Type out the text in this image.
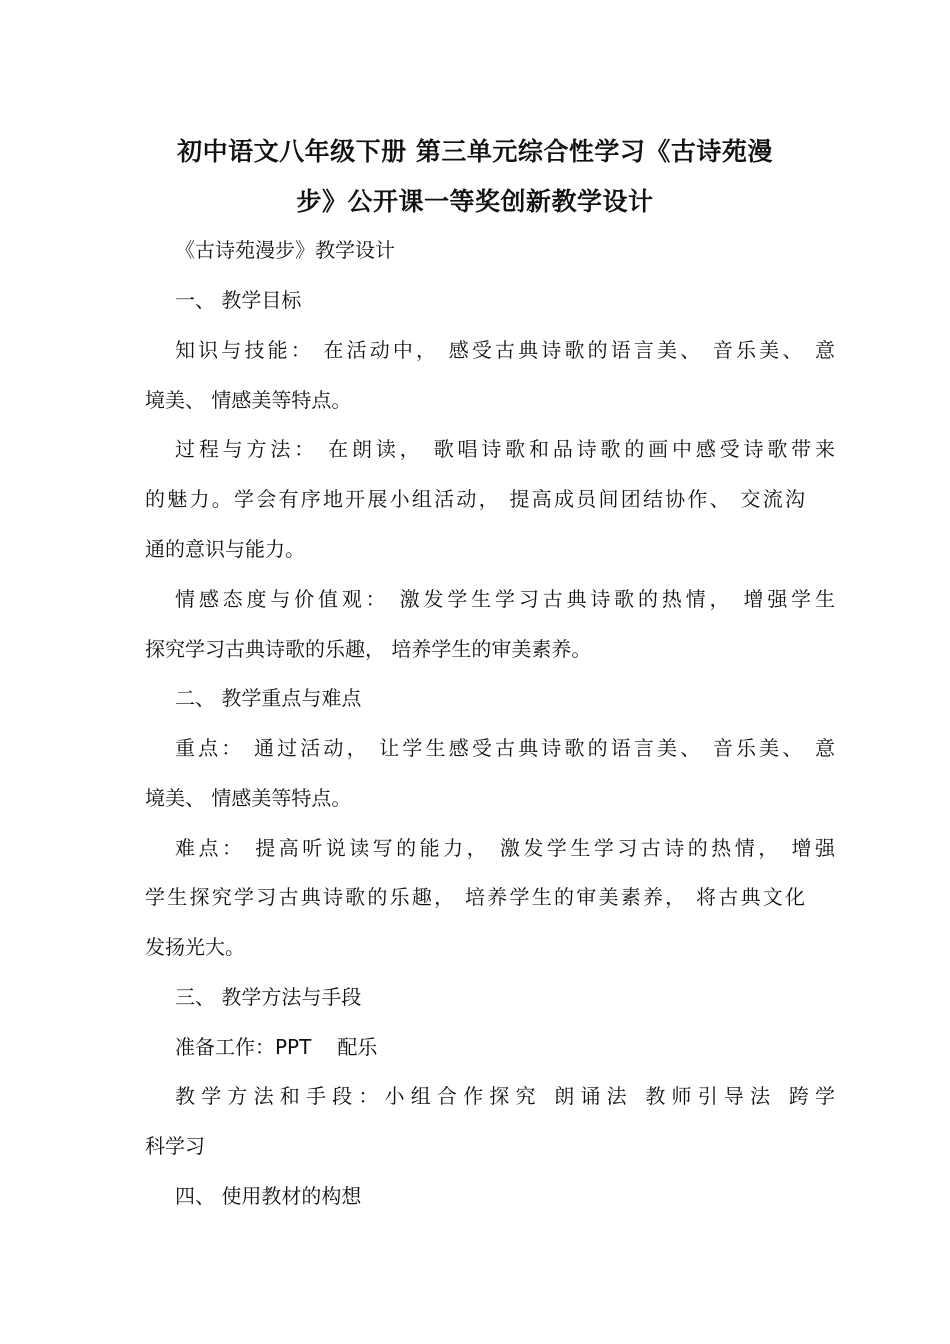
初中语文八年级下册 第三单元综合性学习《古诗苑漫
步》公开课一等奖创新教学设计

《古诗苑漫步》教学设计

一、 教学目标

知识与技能： 在活动中， 感受古典诗歌的语言美、 音乐美、 意

境美、 情感美等特点。

过程与方法： 在朗读， 歌唱诗歌和品诗歌的画中感受诗歌带来

的魅力。学会有序地开展小组活动， 提高成员间团结协作、 交流沟

通的意识与能力。

情感态度与价值观： 激发学生学习古典诗歌的热情， 增强学生

探究学习古典诗歌的乐趣， 培养学生的审美素养。

二、 教学重点与难点

重点： 通过活动， 让学生感受古典诗歌的语言美、 音乐美、 意

境美、 情感美等特点。

难点： 提高听说读写的能力， 激发学生学习古诗的热情， 增强

学生探究学习古典诗歌的乐趣， 培养学生的审美素养， 将古典文化

发扬光大。

三、 教学方法与手段

准备工作：PPT 配乐

教学方法和手段：小组合作探究 朗诵法 教师引导法 跨学

科学习

四、 使用教材的构想
